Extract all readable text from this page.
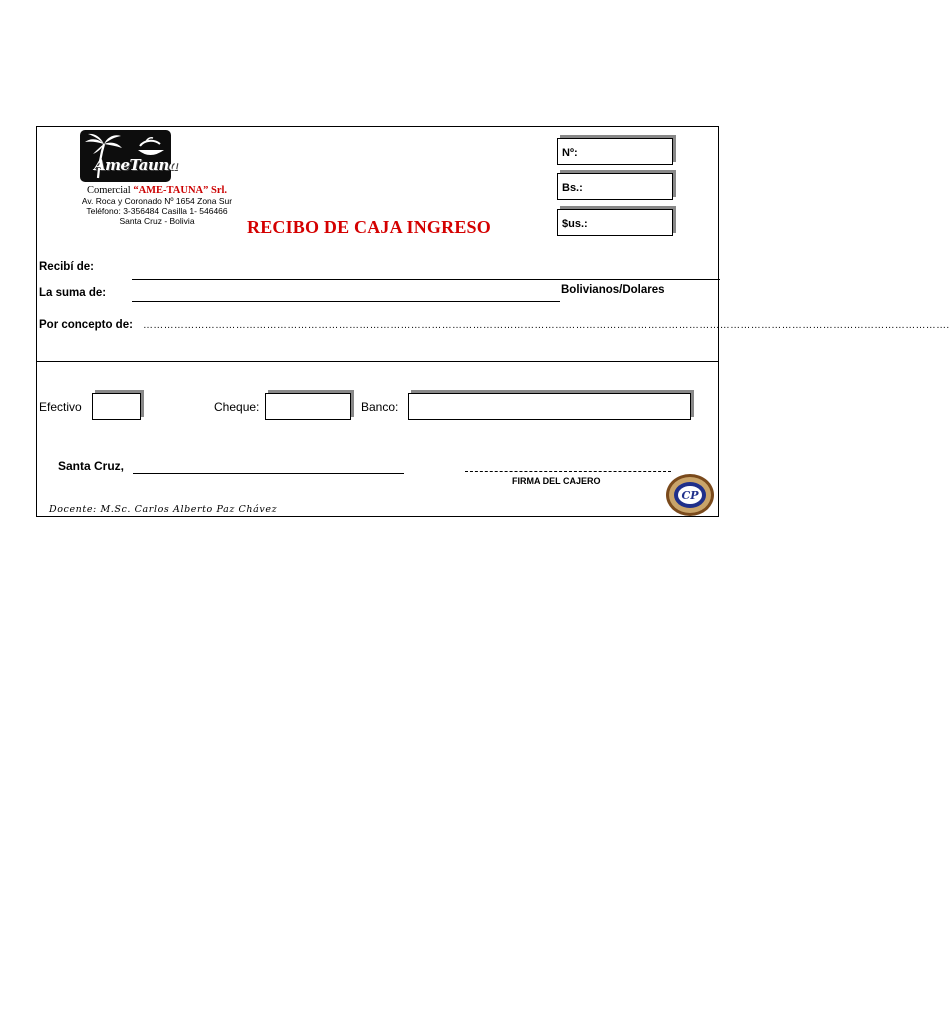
AmeTauna
Comercial “AME-TAUNA” Srl.
Av. Roca y Coronado Nº 1654 Zona Sur
Teléfono: 3-356484 Casilla 1- 546466
Santa Cruz - Bolivia	RECIBO DE CAJA INGRESO
Nº:
Bs.:
$us.:
Recibí de:
La suma de:	Bolivianos/Dolares
Por concepto de: ……………………………………………………………………………………………………………………………………………………………………………………………………………….
Efectivo	Cheque:	Banco:
Santa Cruz,
FIRMA DEL CAJERO
Docente: M.Sc. Carlos Alberto Paz Chávez
CP
